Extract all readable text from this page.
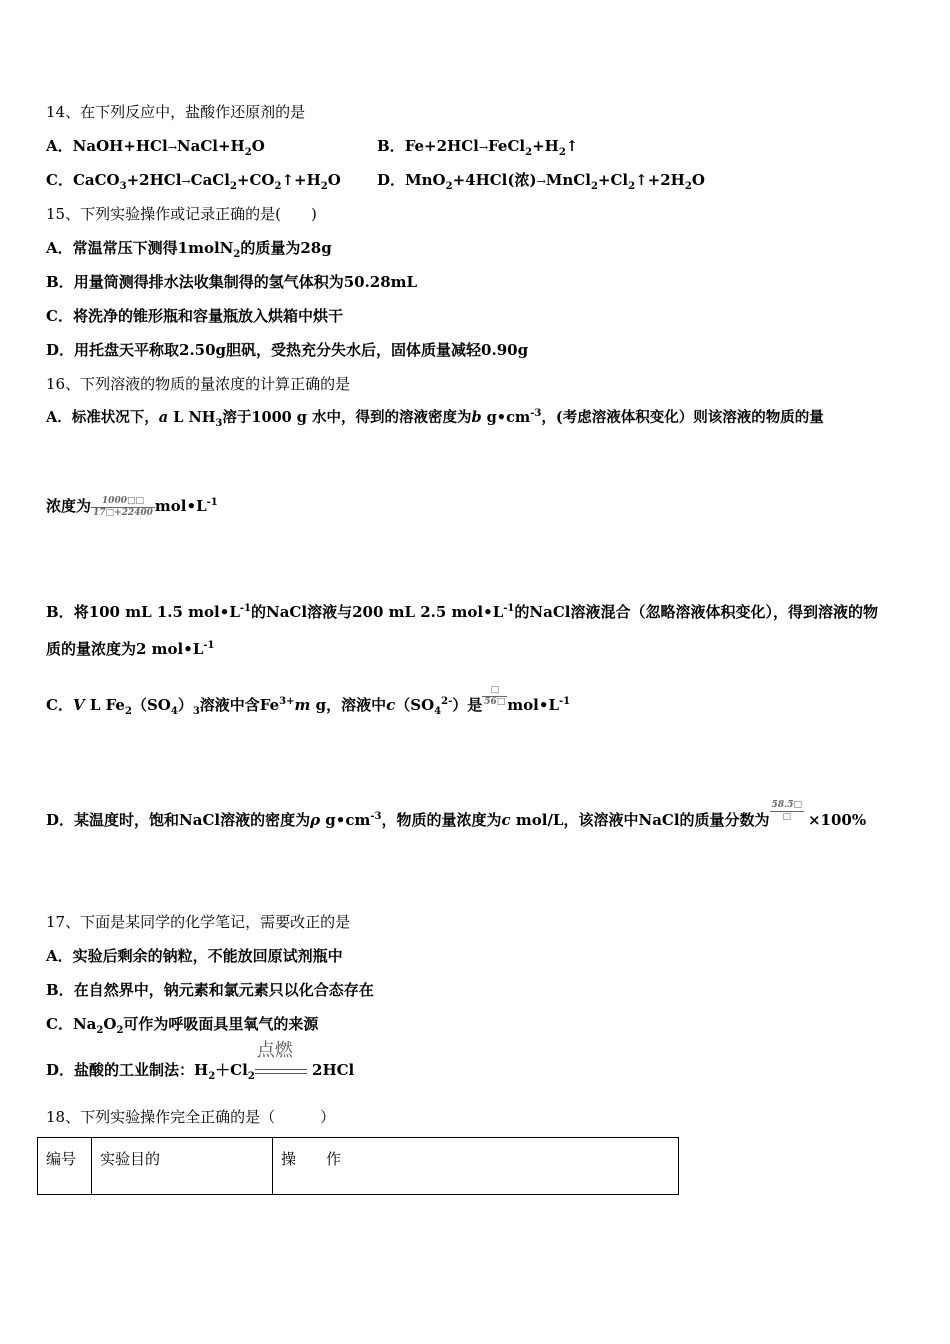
14、在下列反应中，盐酸作还原剂的是
A．$NaOH+HCl\to NaCl+H_2O$	B．$Fe+2HCl\to FeCl_2+H_2↑$
C．$CaCO_3+2HCl\to CaCl_2+CO_2↑+H_2O$ D．MnO$_2$+4HCl(浓)$\to MnCl_2+Cl_2↑+2H_2O$
15、下列实验操作或记录正确的是(　　)
A．常温常压下测得1molN$_2$的质量为28g
B．用量筒测得排水法收集制得的氢气体积为50.28mL
C．将洗净的锥形瓶和容量瓶放入烘箱中烘干
D．用托盘天平称取2.50g胆矾，受热充分失水后，固体质量减轻0.90g
16、下列溶液的物质的量浓度的计算正确的是
A．标准状况下，a L $NH_3$溶于1000 g 水中，得到的溶液密度为b $g•cm^{-3}$，(考虑溶液体积变化）则该溶液的物质的量
浓度为 $\frac{1000□□}{17□+22400}$ $mol•L^{-1}$
B．将100 mL 1.5 $mol•L^{-1}$的NaCl溶液与200 mL 2.5 $mol•L^{-1}$的NaCl溶液混合（忽略溶液体积变化），得到溶液的物
质的量浓度为2 $mol•L^{-1}$
C．V L $Fe_2(SO_4)_3$溶液中含$Fe^{3+}m$ g，溶液中$c(SO_4^{2-})$是 $\frac{□}{56□}$ $mol•L^{-1}$
D．某温度时，饱和NaCl溶液的密度为ρ $g•cm^{-3}$，物质的量浓度为c mol/L，该溶液中NaCl的质量分数为 $\frac{58.5□}{□} \times 100\%$
17、下面是某同学的化学笔记，需要改正的是
A．实验后剩余的钠粒，不能放回原试剂瓶中
B．在自然界中，钠元素和氯元素只以化合态存在
C．$Na_2O_2$可作为呼吸面具里氧气的来源
D．盐酸的工业制法：$H_2+Cl_2$
点燃
2HCl
18、下列实验操作完全正确的是（　　　）
编号	实验目的	操　　作
